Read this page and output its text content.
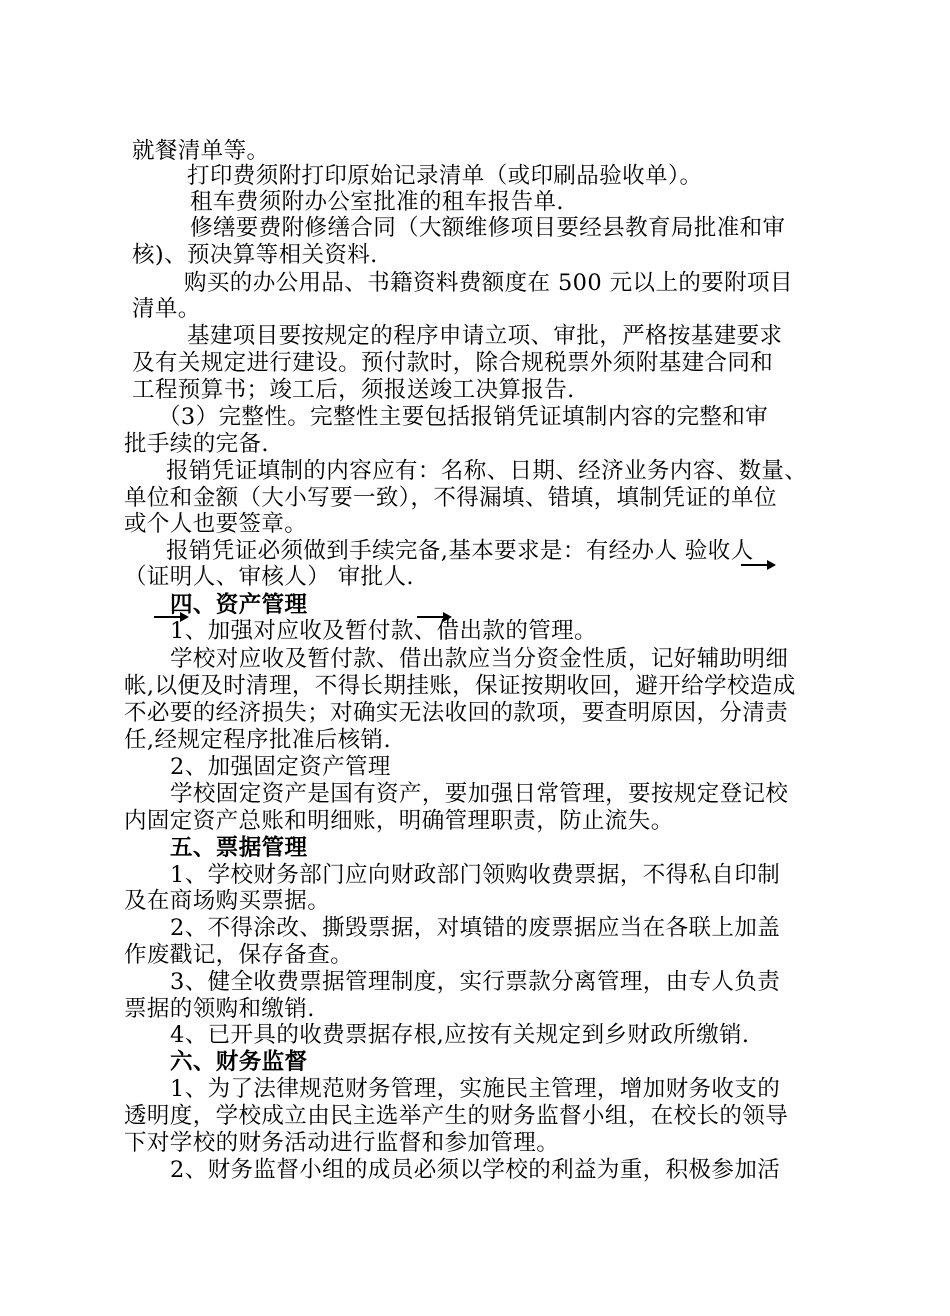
就餐清单等。

打印费须附打印原始记录清单（或印刷品验收单）。

租车费须附办公室批准的租车报告单.

修缮要费附修缮合同（大额维修项目要经县教育局批准和审

核)、预决算等相关资料.

购买的办公用品、书籍资料费额度在 500 元以上的要附项目

清单。

基建项目要按规定的程序申请立项、审批，严格按基建要求

及有关规定进行建设。预付款时，除合规税票外须附基建合同和

工程预算书；竣工后，须报送竣工决算报告.

（3）完整性。完整性主要包括报销凭证填制内容的完整和审

批手续的完备.

报销凭证填制的内容应有：名称、日期、经济业务内容、数量、

单位和金额（大小写要一致），不得漏填、错填，填制凭证的单位

或个人也要签章。

报销凭证必须做到手续完备,基本要求是：有经办人 验收人

（证明人、审核人） 审批人.

四、资产管理

1、加强对应收及暂付款、借出款的管理。

学校对应收及暂付款、借出款应当分资金性质，记好辅助明细

帐,以便及时清理，不得长期挂账，保证按期收回，避开给学校造成

不必要的经济损失；对确实无法收回的款项，要查明原因，分清责

任,经规定程序批准后核销.

2、加强固定资产管理

学校固定资产是国有资产，要加强日常管理，要按规定登记校

内固定资产总账和明细账，明确管理职责，防止流失。

五、票据管理

1、学校财务部门应向财政部门领购收费票据，不得私自印制

及在商场购买票据。

2、不得涂改、撕毁票据，对填错的废票据应当在各联上加盖

作废戳记，保存备查。

3、健全收费票据管理制度，实行票款分离管理，由专人负责

票据的领购和缴销.

4、已开具的收费票据存根,应按有关规定到乡财政所缴销.

六、财务监督

1、为了法律规范财务管理，实施民主管理，增加财务收支的

透明度，学校成立由民主选举产生的财务监督小组，在校长的领导

下对学校的财务活动进行监督和参加管理。

2、财务监督小组的成员必须以学校的利益为重，积极参加活
